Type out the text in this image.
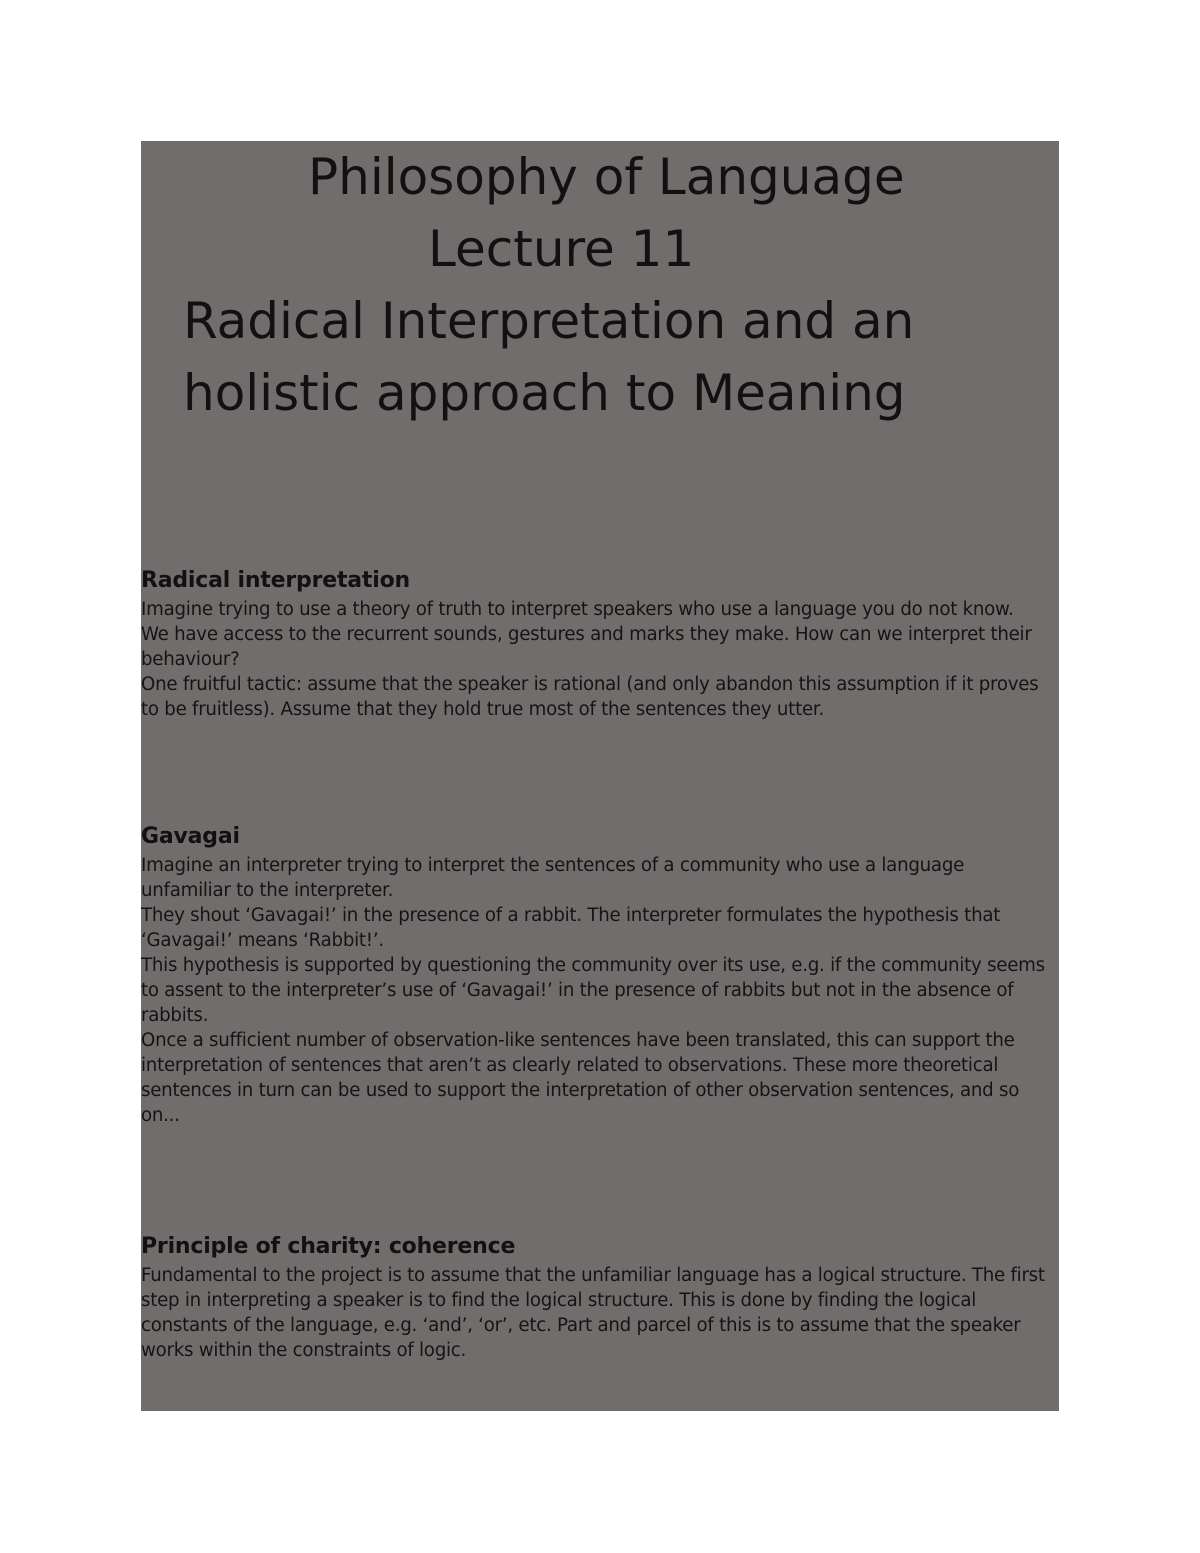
Philosophy of Language
Lecture 11
Radical Interpretation and an
holistic approach to Meaning

Radical interpretation

Imagine trying to use a theory of truth to interpret speakers who use a language you do not know.

We have access to the recurrent sounds, gestures and marks they make. How can we interpret their behaviour?

One fruitful tactic: assume that the speaker is rational (and only abandon this assumption if it proves to be fruitless). Assume that they hold true most of the sentences they utter.

Gavagai

Imagine an interpreter trying to interpret the sentences of a community who use a language unfamiliar to the interpreter.

They shout ‘Gavagai!’ in the presence of a rabbit. The interpreter formulates the hypothesis that ‘Gavagai!’ means ‘Rabbit!’.

This hypothesis is supported by questioning the community over its use, e.g. if the community seems to assent to the interpreter’s use of ‘Gavagai!’ in the presence of rabbits but not in the absence of rabbits.

Once a sufficient number of observation-like sentences have been translated, this can support the interpretation of sentences that aren’t as clearly related to observations. These more theoretical sentences in turn can be used to support the interpretation of other observation sentences, and so on...

Principle of charity: coherence

Fundamental to the project is to assume that the unfamiliar language has a logical structure. The first step in interpreting a speaker is to find the logical structure. This is done by finding the logical constants of the language, e.g. ‘and’, ‘or’, etc. Part and parcel of this is to assume that the speaker works within the constraints of logic.
